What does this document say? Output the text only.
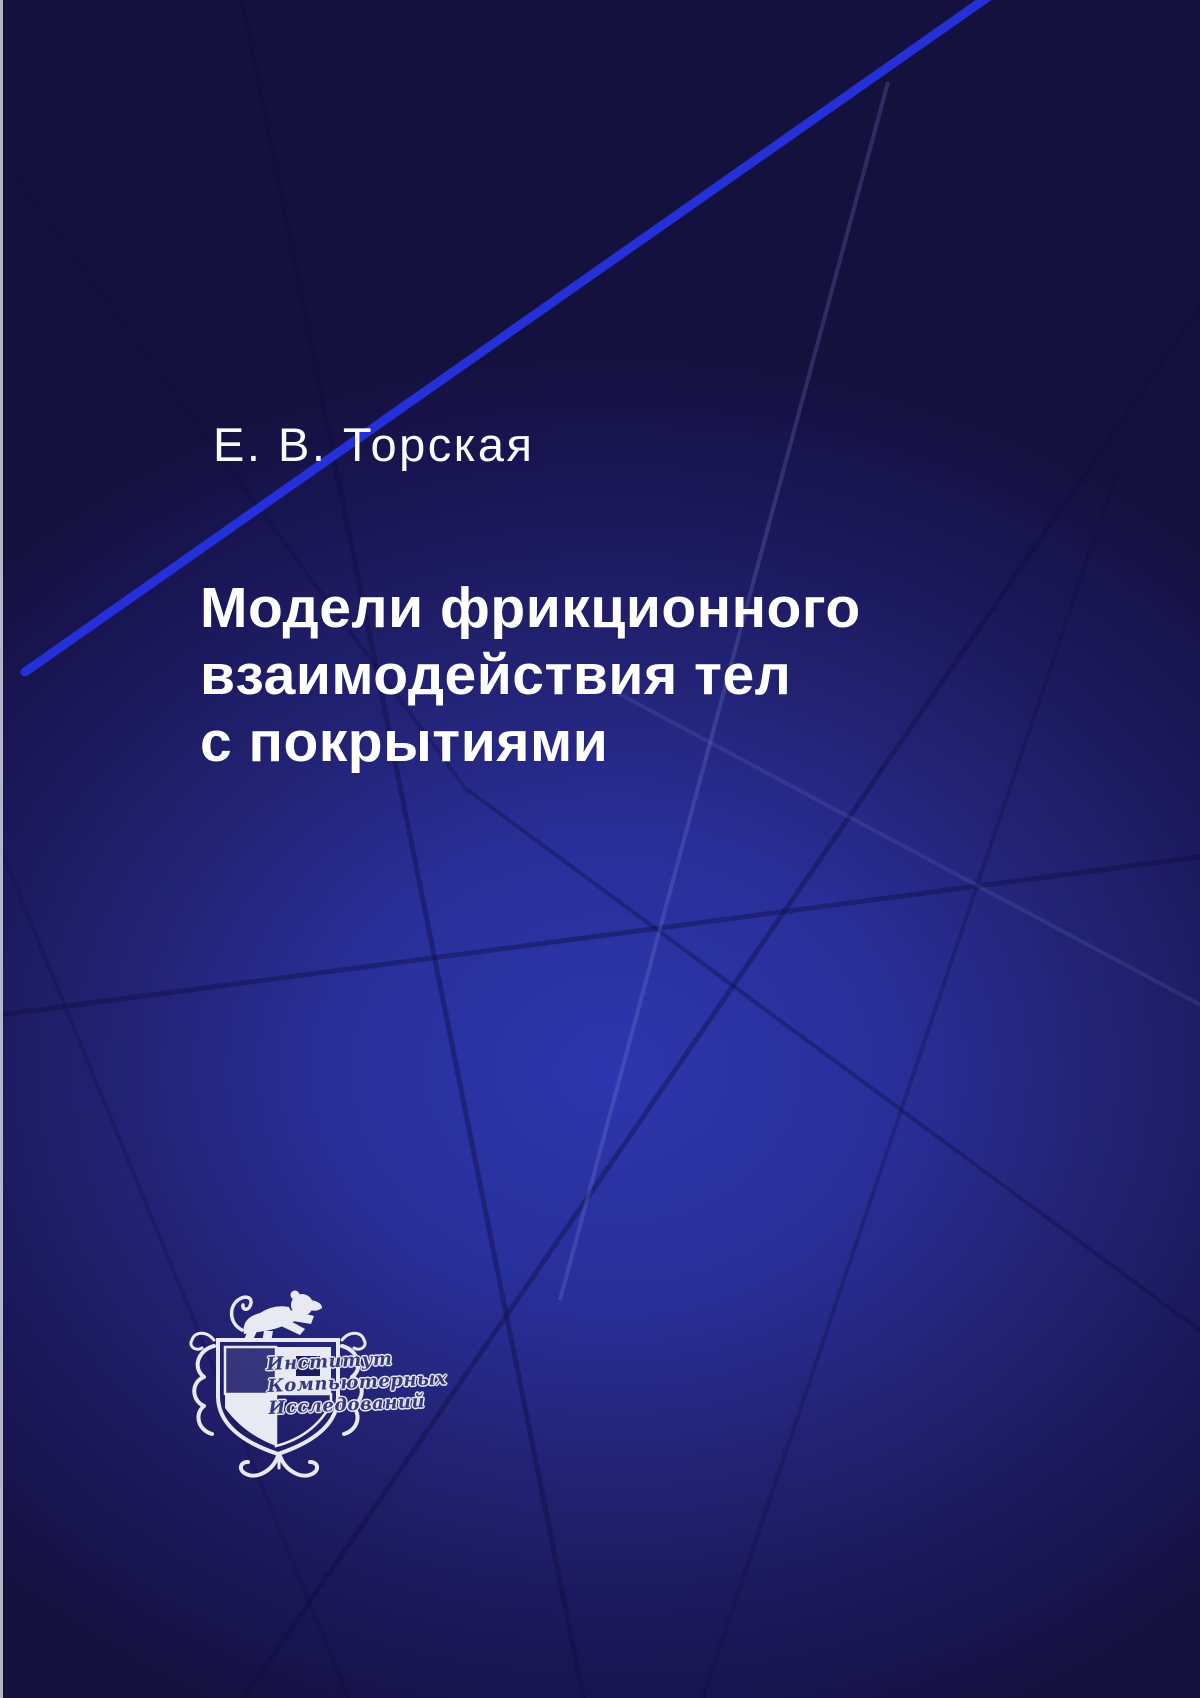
Е. В. Торская
Модели фрикционного
взаимодействия тел
с покрытиями
Институт
Компьютерных
Исследований
